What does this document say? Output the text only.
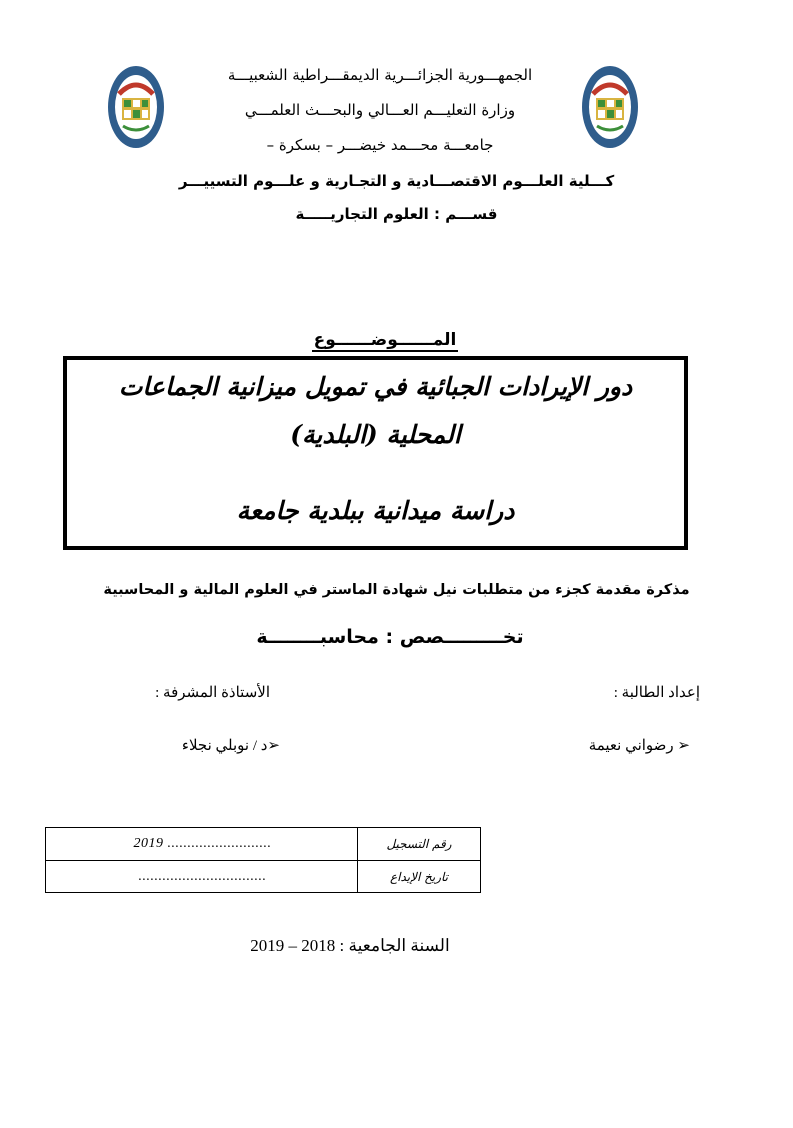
الجمهـــورية الجزائـــرية الديمقـــراطية الشعبيـــة
وزارة التعليـــم العـــالي والبحـــث العلمـــي
جامعـــة محـــمد خيضـــر – بسكرة –
كـــلية العلـــوم الاقتصـــادية و التجـارية و علـــوم التسييـــر
قســـم : العلوم التجاريـــــة
المــــــوضــــــوع
دور الإيرادات الجبائية في تمويل ميزانية الجماعات
المحلية (البلدية)
دراسة ميدانية ببلدية جامعة
مذكرة مقدمة كجزء من متطلبات نيل شهادة الماستر في العلوم المالية و المحاسبية
تخـــــــــصص : محاسبــــــــة
إعداد الطالبة :
الأستاذة المشرفة :
➢ رضواني نعيمة
➢د / نوبلي نجلاء
رقم التسجيل
2019 ..........................
تاريخ الإيداع
................................
السنة الجامعية : 2018 – 2019
